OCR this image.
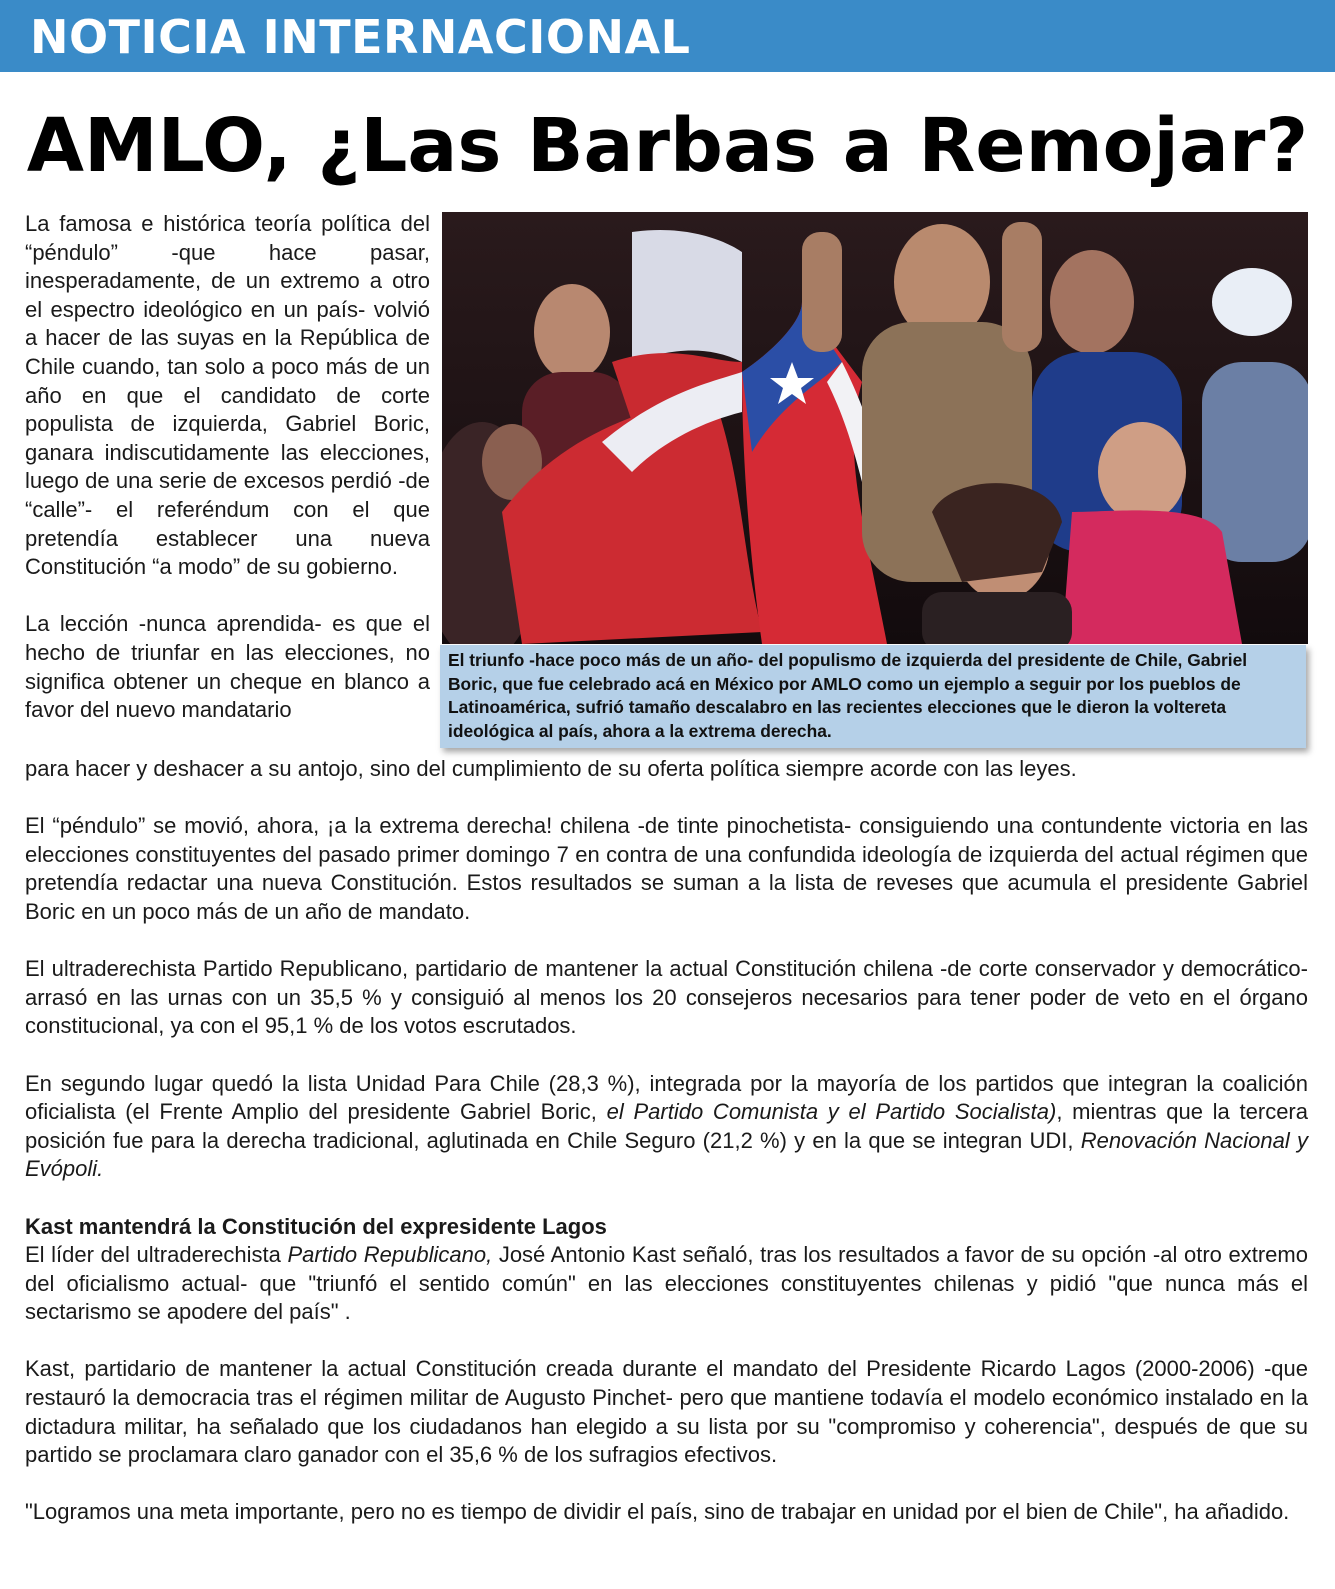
NOTICIA INTERNACIONAL
AMLO, ¿Las Barbas a Remojar?

La famosa e histórica teoría política del “péndulo” -que hace pasar, inesperadamente, de un extremo a otro el espectro ideológico en un país- volvió a hacer de las suyas en la República de Chile cuando, tan solo a poco más de un año en que el candidato de corte populista de izquierda, Gabriel Boric, ganara indiscutidamente las elecciones, luego de una serie de excesos perdió -de “calle”- el referéndum con el que pretendía establecer una nueva Constitución “a modo” de su gobierno.

La lección -nunca aprendida- es que el hecho de triunfar en las elecciones, no significa obtener un cheque en blanco a favor del nuevo mandatario

El triunfo -hace poco más de un año- del populismo de izquierda del presidente de Chile, Gabriel Boric, que fue celebrado acá en México por AMLO como un ejemplo a seguir por los pueblos de Latinoamérica, sufrió tamaño descalabro en las recientes elecciones que le dieron la voltereta ideológica al país, ahora a la extrema derecha.

para hacer y deshacer a su antojo, sino del cumplimiento de su oferta política siempre acorde con las leyes.

El “péndulo” se movió, ahora, ¡a la extrema derecha! chilena -de tinte pinochetista- consiguiendo una contundente victoria en las elecciones constituyentes del pasado primer domingo 7 en contra de una confundida ideología de izquierda del actual régimen que pretendía redactar una nueva Constitución. Estos resultados se suman a la lista de reveses que acumula el presidente Gabriel Boric en un poco más de un año de mandato.

El ultraderechista Partido Republicano, partidario de mantener la actual Constitución chilena -de corte conservador y democrático- arrasó en las urnas con un 35,5 % y consiguió al menos los 20 consejeros necesarios para tener poder de veto en el órgano constitucional, ya con el 95,1 % de los votos escrutados.

En segundo lugar quedó la lista Unidad Para Chile (28,3 %), integrada por la mayoría de los partidos que integran la coalición oficialista (el Frente Amplio del presidente Gabriel Boric, el Partido Comunista y el Partido Socialista), mientras que la tercera posición fue para la derecha tradicional, aglutinada en Chile Seguro (21,2 %) y en la que se integran UDI, Renovación Nacional y Evópoli.

Kast mantendrá la Constitución del expresidente Lagos

El líder del ultraderechista Partido Republicano, José Antonio Kast señaló, tras los resultados a favor de su opción -al otro extremo del oficialismo actual- que "triunfó el sentido común" en las elecciones constituyentes chilenas y pidió "que nunca más el sectarismo se apodere del país" .

Kast, partidario de mantener la actual Constitución creada durante el mandato del Presidente Ricardo Lagos (2000-2006) -que restauró la democracia tras el régimen militar de Augusto Pinchet- pero que mantiene todavía el modelo económico instalado en la dictadura militar, ha señalado que los ciudadanos han elegido a su lista por su "compromiso y coherencia", después de que su partido se proclamara claro ganador con el 35,6 % de los sufragios efectivos.

"Logramos una meta importante, pero no es tiempo de dividir el país, sino de trabajar en unidad por el bien de Chile", ha añadido.
